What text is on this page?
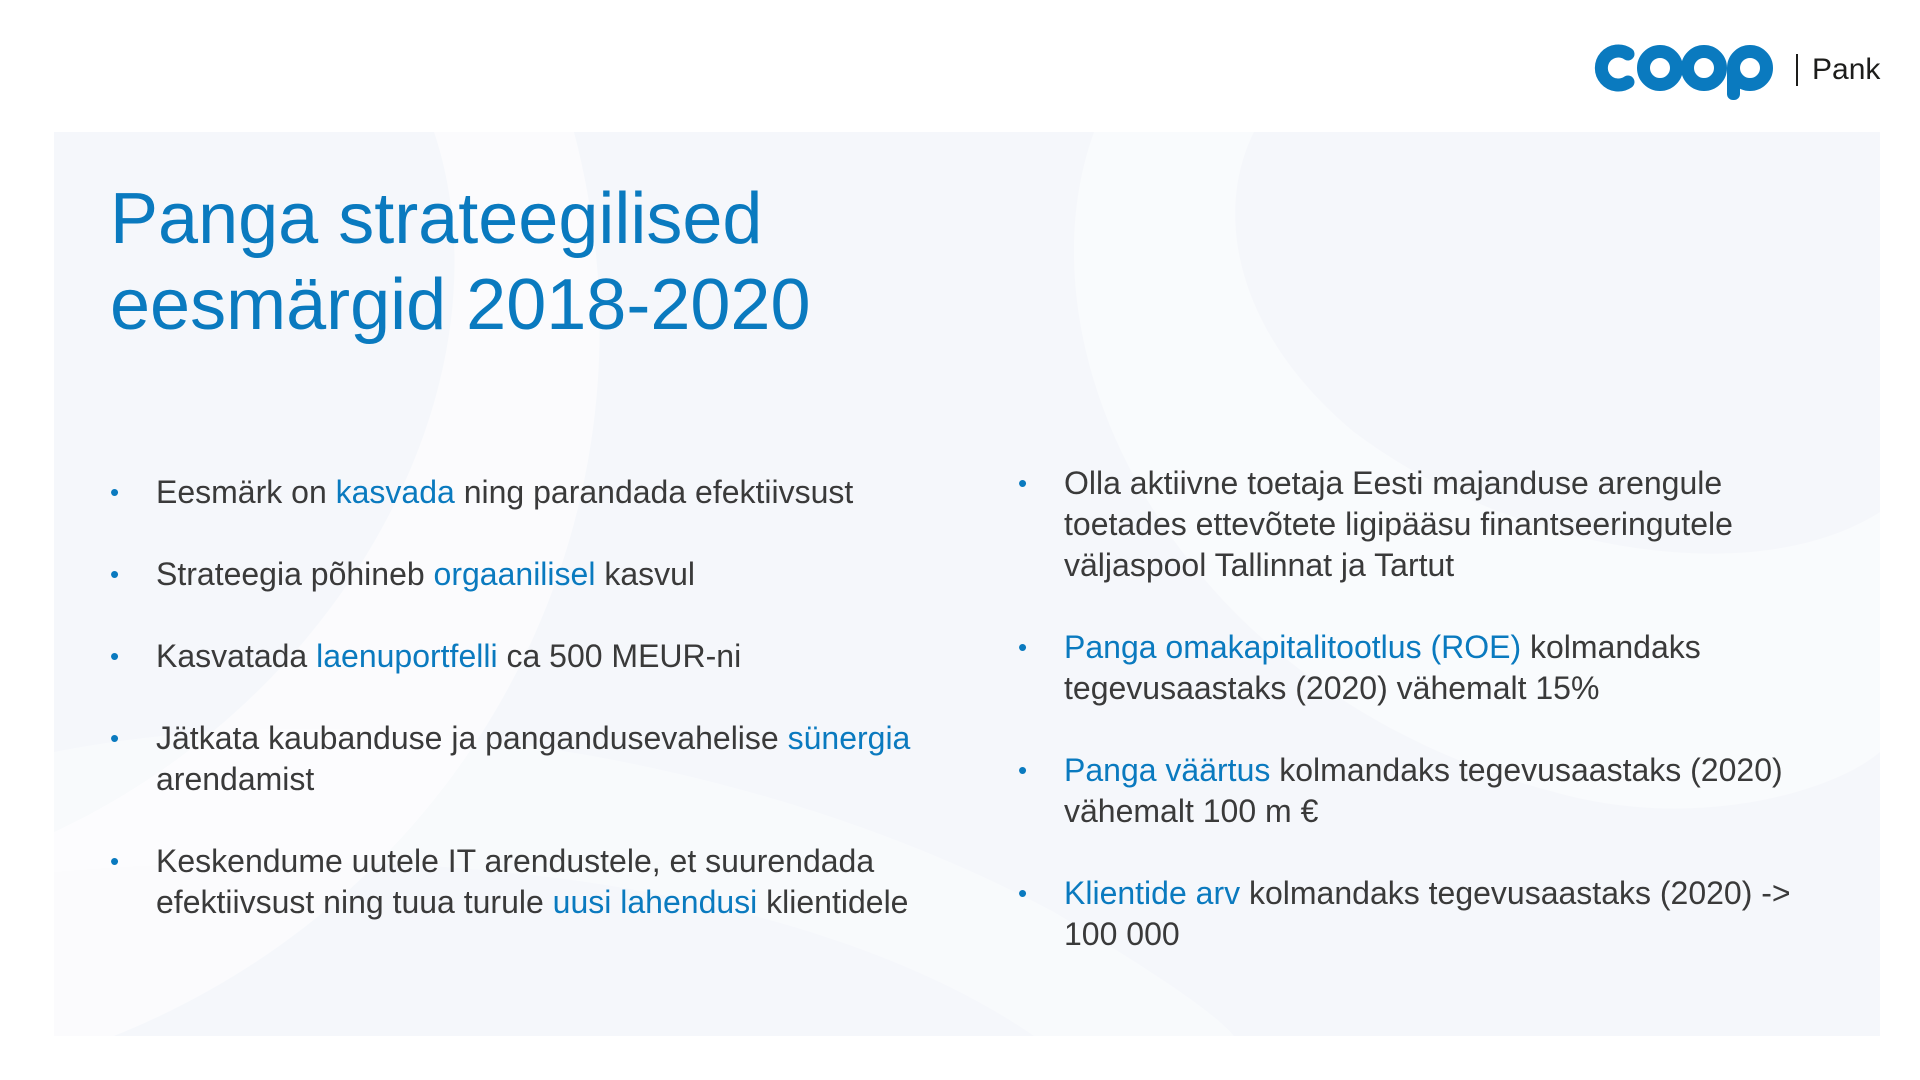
Pank
Panga strateegilised
eesmärgid 2018-2020
• Eesmärk on kasvada ning parandada efektiivsust
• Strateegia põhineb orgaanilisel kasvul
• Kasvatada laenuportfelli ca 500 MEUR-ni
• Jätkata kaubanduse ja pangandusevahelise sünergia arendamist
• Keskendume uutele IT arendustele, et suurendada efektiivsust ning tuua turule uusi lahendusi klientidele
• Olla aktiivne toetaja Eesti majanduse arengule toetades ettevõtete ligipääsu finantseeringutele väljaspool Tallinnat ja Tartut
• Panga omakapitalitootlus (ROE) kolmandaks tegevusaastaks (2020) vähemalt 15%
• Panga väärtus kolmandaks tegevusaastaks (2020) vähemalt 100 m €
• Klientide arv kolmandaks tegevusaastaks (2020) -> 100 000
